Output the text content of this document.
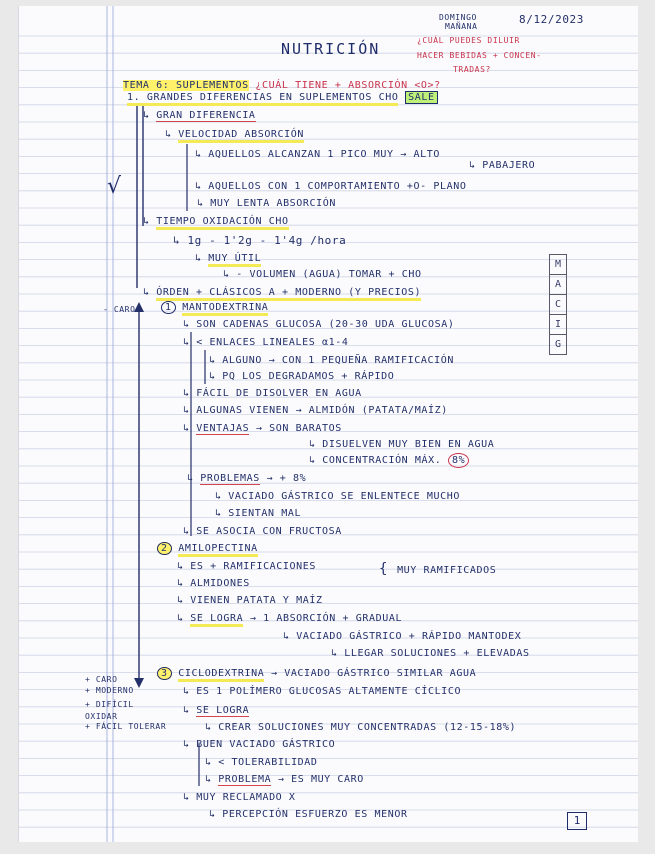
DOMINGO
MAÑANA
8/12/2023
NUTRICIÓN	¿CUÁL PUEDES DILUIR
HACER BEBIDAS + CONCEN-
TRADAS?
TEMA 6: SUPLEMENTOS ¿CUÁL TIENE + ABSORCIÓN <O>?
1. GRANDES DIFERENCIAS EN SUPLEMENTOS CHO SALE
↳ GRAN DIFERENCIA
↳ VELOCIDAD ABSORCIÓN
↳ AQUELLOS ALCANZAN 1 PICO MUY → ALTO
↳ PABAJERO
↳ AQUELLOS CON 1 COMPORTAMIENTO +O- PLANO
↳ MUY LENTA ABSORCIÓN
↳ TIEMPO OXIDACIÓN CHO
↳ 1g - 1'2g - 1'4g /hora
↳ MUY ÚTIL
↳ - VOLUMEN (AGUA) TOMAR + CHO
↳ ÓRDEN + CLÁSICOS A + MODERNO (Y PRECIOS)
- CARO	1 MANTODEXTRINA
↳ SON CADENAS GLUCOSA (20-30 UDA GLUCOSA)
↳ < ENLACES LINEALES α1-4
↳ ALGUNO → CON 1 PEQUEÑA RAMIFICACIÓN
↳ PQ LOS DEGRADAMOS + RÁPIDO
↳ FÁCIL DE DISOLVER EN AGUA
↳ ALGUNAS VIENEN → ALMIDÓN (PATATA/MAÍZ)
↳ VENTAJAS → SON BARATOS
↳ DISUELVEN MUY BIEN EN AGUA
↳ CONCENTRACIÓN MÁX. 8%
↳ PROBLEMAS → + 8%
↳ VACIADO GÁSTRICO SE ENLENTECE MUCHO
↳ SIENTAN MAL
↳ SE ASOCIA CON FRUCTOSA
2 AMILOPECTINA
↳ ES + RAMIFICACIONES	{ MUY RAMIFICADOS
↳ ALMIDONES
↳ VIENEN PATATA Y MAÍZ
↳ SE LOGRA → 1 ABSORCIÓN + GRADUAL
↳ VACIADO GÁSTRICO + RÁPIDO MANTODEX
↳ LLEGAR SOLUCIONES + ELEVADAS
+ CARO
+ MODERNO
+ DIFÍCIL OXIDAR
+ FÁCIL TOLERAR
3 CICLODEXTRINA → VACIADO GÁSTRICO SIMILAR AGUA
↳ ES 1 POLÍMERO GLUCOSAS ALTAMENTE CÍCLICO
↳ SE LOGRA
↳ CREAR SOLUCIONES MUY CONCENTRADAS (12-15-18%)
↳ BUEN VACIADO GÁSTRICO
↳ < TOLERABILIDAD
↳ PROBLEMA → ES MUY CARO
↳ MUY RECLAMADO X
↳ PERCEPCIÓN ESFUERZO ES MENOR
M
A
C
I
G
1
√
